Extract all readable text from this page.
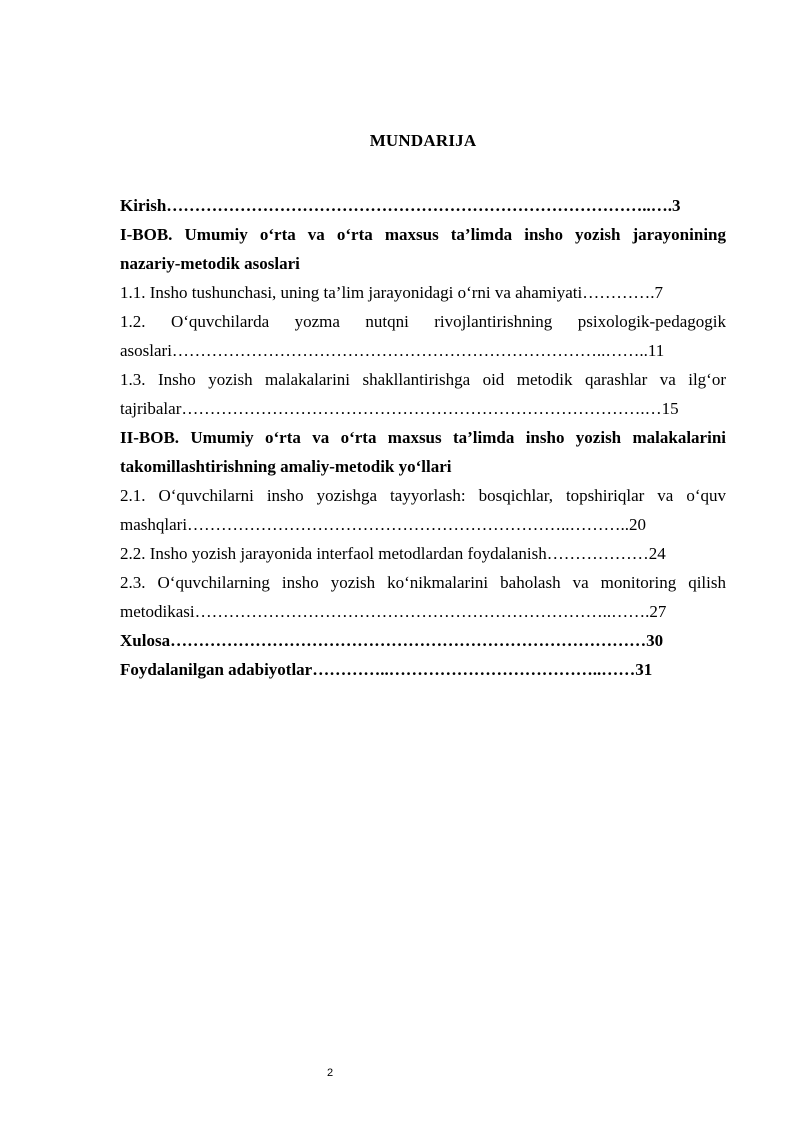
MUNDARIJA
Kirish…………………………………………………………………………..….3
I-BOB. Umumiy o‘rta va o‘rta maxsus ta’limda insho yozish jarayonining
nazariy-metodik asoslari
1.1. Insho tushunchasi, uning ta’lim jarayonidagi o‘rni va ahamiyati………….7
1.2. O‘quvchilarda yozma nutqni rivojlantirishning psixologik-pedagogik
asoslari…………………………………………………………………..……..11
1.3. Insho yozish malakalarini shakllantirishga oid metodik qarashlar va ilg‘or
tajribalar……………………………………………………………………….…15
II-BOB. Umumiy o‘rta va o‘rta maxsus ta’limda insho yozish malakalarini
takomillashtirishning amaliy-metodik yo‘llari
2.1. O‘quvchilarni insho yozishga tayyorlash: bosqichlar, topshiriqlar va o‘quv
mashqlari…………………………………………………………..………..20
2.2. Insho yozish jarayonida interfaol metodlardan foydalanish………………24
2.3. O‘quvchilarning insho yozish ko‘nikmalarini baholash va monitoring qilish
metodikasi………………………………………………………………..…….27
Xulosa…………………………………………………………………………30
Foydalanilgan adabiyotlar…………..………………………………..……31
2
